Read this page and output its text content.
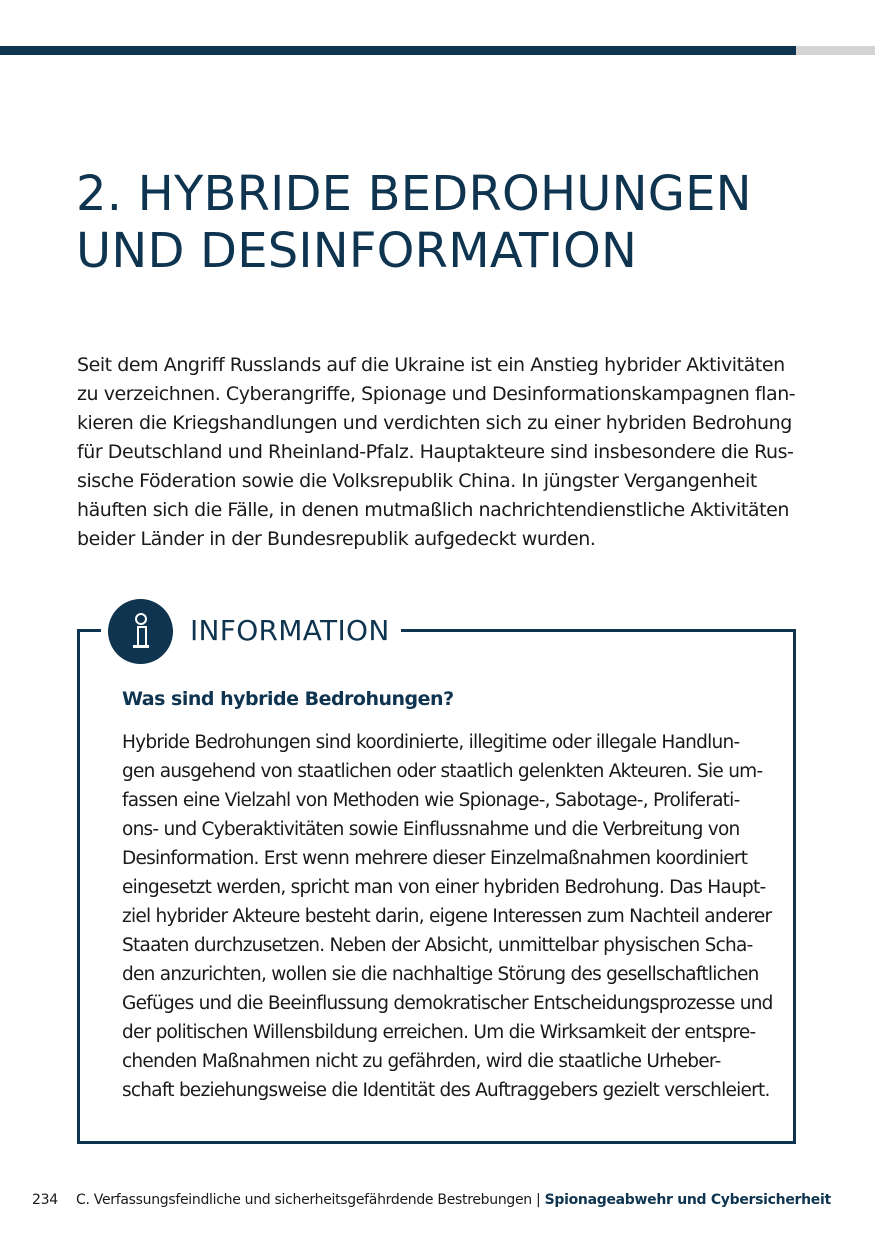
2. HYBRIDE BEDROHUNGEN
UND DESINFORMATION

Seit dem Angriff Russlands auf die Ukraine ist ein Anstieg hybrider Aktivitäten
zu verzeichnen. Cyberangriffe, Spionage und Desinformationskampagnen flan-
kieren die Kriegshandlungen und verdichten sich zu einer hybriden Bedrohung
für Deutschland und Rheinland-Pfalz. Hauptakteure sind insbesondere die Rus-
sische Föderation sowie die Volksrepublik China. In jüngster Vergangenheit
häuften sich die Fälle, in denen mutmaßlich nachrichtendienstliche Aktivitäten
beider Länder in der Bundesrepublik aufgedeckt wurden.

INFORMATION
Was sind hybride Bedrohungen?

Hybride Bedrohungen sind koordinierte, illegitime oder illegale Handlun-
gen ausgehend von staatlichen oder staatlich gelenkten Akteuren. Sie um-
fassen eine Vielzahl von Methoden wie Spionage-, Sabotage-, Proliferati-
ons- und Cyberaktivitäten sowie Einflussnahme und die Verbreitung von
Desinformation. Erst wenn mehrere dieser Einzelmaßnahmen koordiniert
eingesetzt werden, spricht man von einer hybriden Bedrohung. Das Haupt-
ziel hybrider Akteure besteht darin, eigene Interessen zum Nachteil anderer
Staaten durchzusetzen. Neben der Absicht, unmittelbar physischen Scha-
den anzurichten, wollen sie die nachhaltige Störung des gesellschaftlichen
Gefüges und die Beeinflussung demokratischer Entscheidungsprozesse und
der politischen Willensbildung erreichen. Um die Wirksamkeit der entspre-
chenden Maßnahmen nicht zu gefährden, wird die staatliche Urheber-
schaft beziehungsweise die Identität des Auftraggebers gezielt verschleiert.

234 C. Verfassungsfeindliche und sicherheitsgefährdende Bestrebungen | Spionageabwehr und Cybersicherheit
